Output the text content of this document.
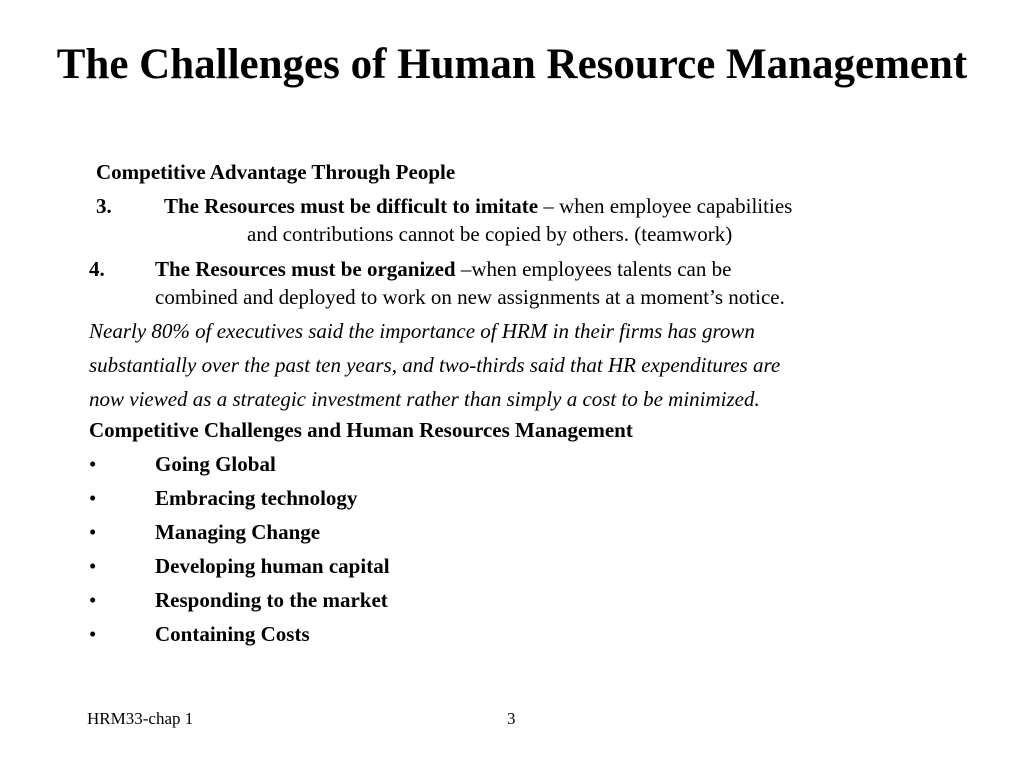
The Challenges of Human Resource Management
Competitive Advantage Through People
3. The Resources must be difficult to imitate – when employee capabilities
and contributions cannot be copied by others. (teamwork)
4. The Resources must be organized –when employees talents can be
combined and deployed to work on new assignments at a moment’s notice.
Nearly 80% of executives said the importance of HRM in their firms has grown
substantially over the past ten years, and two-thirds said that HR expenditures are
now viewed as a strategic investment rather than simply a cost to be minimized.
Competitive Challenges and Human Resources Management
•	Going Global
•	Embracing technology
•	Managing Change
•	Developing human capital
•	Responding to the market
•	Containing Costs
HRM33-chap 1	3
